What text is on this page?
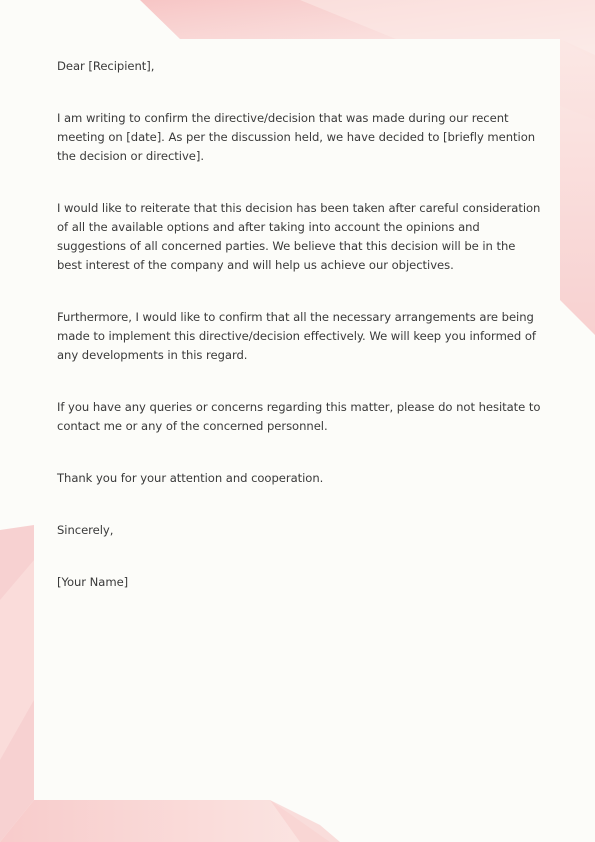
Dear [Recipient],

I am writing to confirm the directive/decision that was made during our recent meeting on [date]. As per the discussion held, we have decided to [briefly mention the decision or directive].

I would like to reiterate that this decision has been taken after careful consideration of all the available options and after taking into account the opinions and suggestions of all concerned parties. We believe that this decision will be in the best interest of the company and will help us achieve our objectives.

Furthermore, I would like to confirm that all the necessary arrangements are being made to implement this directive/decision effectively. We will keep you informed of any developments in this regard.

If you have any queries or concerns regarding this matter, please do not hesitate to contact me or any of the concerned personnel.

Thank you for your attention and cooperation.

Sincerely,

[Your Name]
